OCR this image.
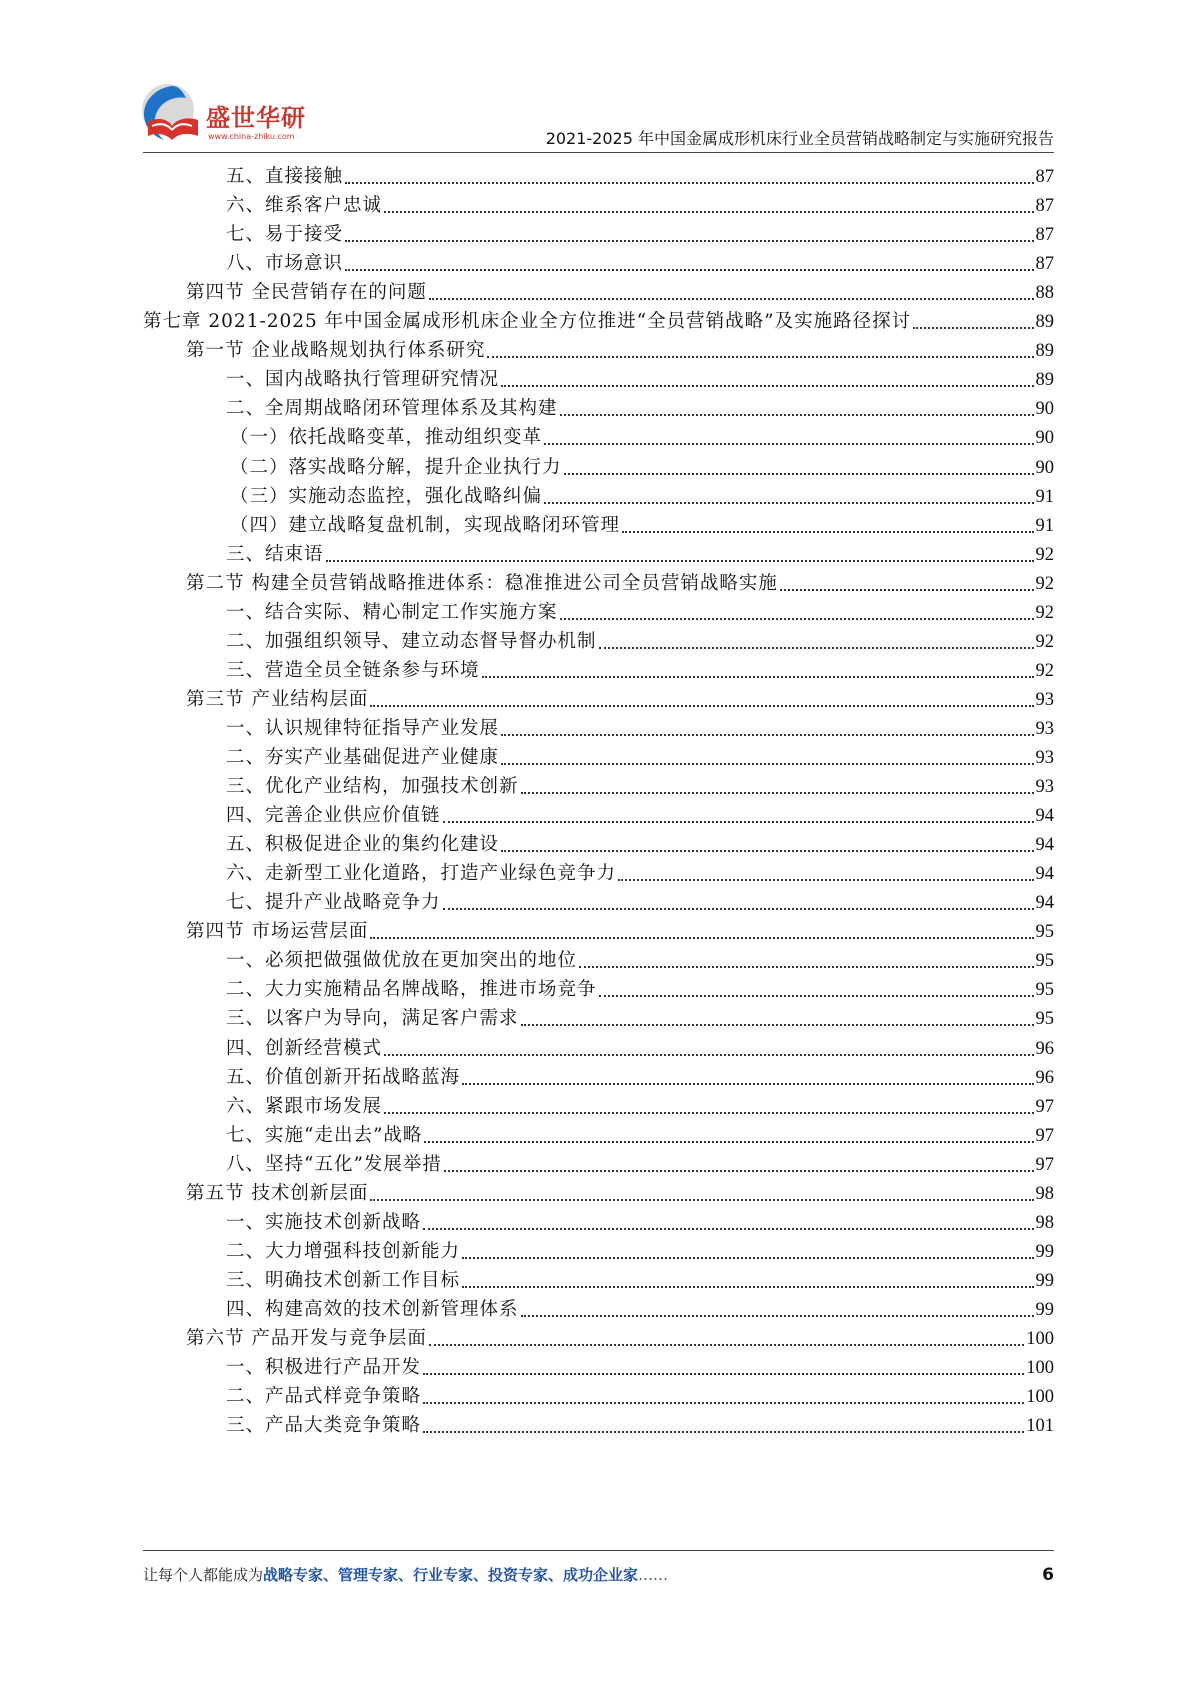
盛世华研
www.china-zhiku.com	2021-2025 年中国金属成形机床行业全员营销战略制定与实施研究报告
五、直接接触	87
六、维系客户忠诚	87
七、易于接受	87
八、市场意识	87
第四节 全民营销存在的问题	88
第七章 2021-2025 年中国金属成形机床企业全方位推进“全员营销战略”及实施路径探讨	89
第一节 企业战略规划执行体系研究	89
一、国内战略执行管理研究情况	89
二、全周期战略闭环管理体系及其构建	90
（一）依托战略变革，推动组织变革	90
（二）落实战略分解，提升企业执行力	90
（三）实施动态监控，强化战略纠偏	91
（四）建立战略复盘机制，实现战略闭环管理	91
三、结束语	92
第二节 构建全员营销战略推进体系：稳准推进公司全员营销战略实施	92
一、结合实际、精心制定工作实施方案	92
二、加强组织领导、建立动态督导督办机制	92
三、营造全员全链条参与环境	92
第三节 产业结构层面	93
一、认识规律特征指导产业发展	93
二、夯实产业基础促进产业健康	93
三、优化产业结构，加强技术创新	93
四、完善企业供应价值链	94
五、积极促进企业的集约化建设	94
六、走新型工业化道路，打造产业绿色竞争力	94
七、提升产业战略竞争力	94
第四节 市场运营层面	95
一、必须把做强做优放在更加突出的地位	95
二、大力实施精品名牌战略，推进市场竞争	95
三、以客户为导向，满足客户需求	95
四、创新经营模式	96
五、价值创新开拓战略蓝海	96
六、紧跟市场发展	97
七、实施“走出去”战略	97
八、坚持“五化”发展举措	97
第五节 技术创新层面	98
一、实施技术创新战略	98
二、大力增强科技创新能力	99
三、明确技术创新工作目标	99
四、构建高效的技术创新管理体系	99
第六节 产品开发与竞争层面	100
一、积极进行产品开发	100
二、产品式样竞争策略	100
三、产品大类竞争策略	101
让每个人都能成为战略专家、管理专家、行业专家、投资专家、成功企业家……	6
